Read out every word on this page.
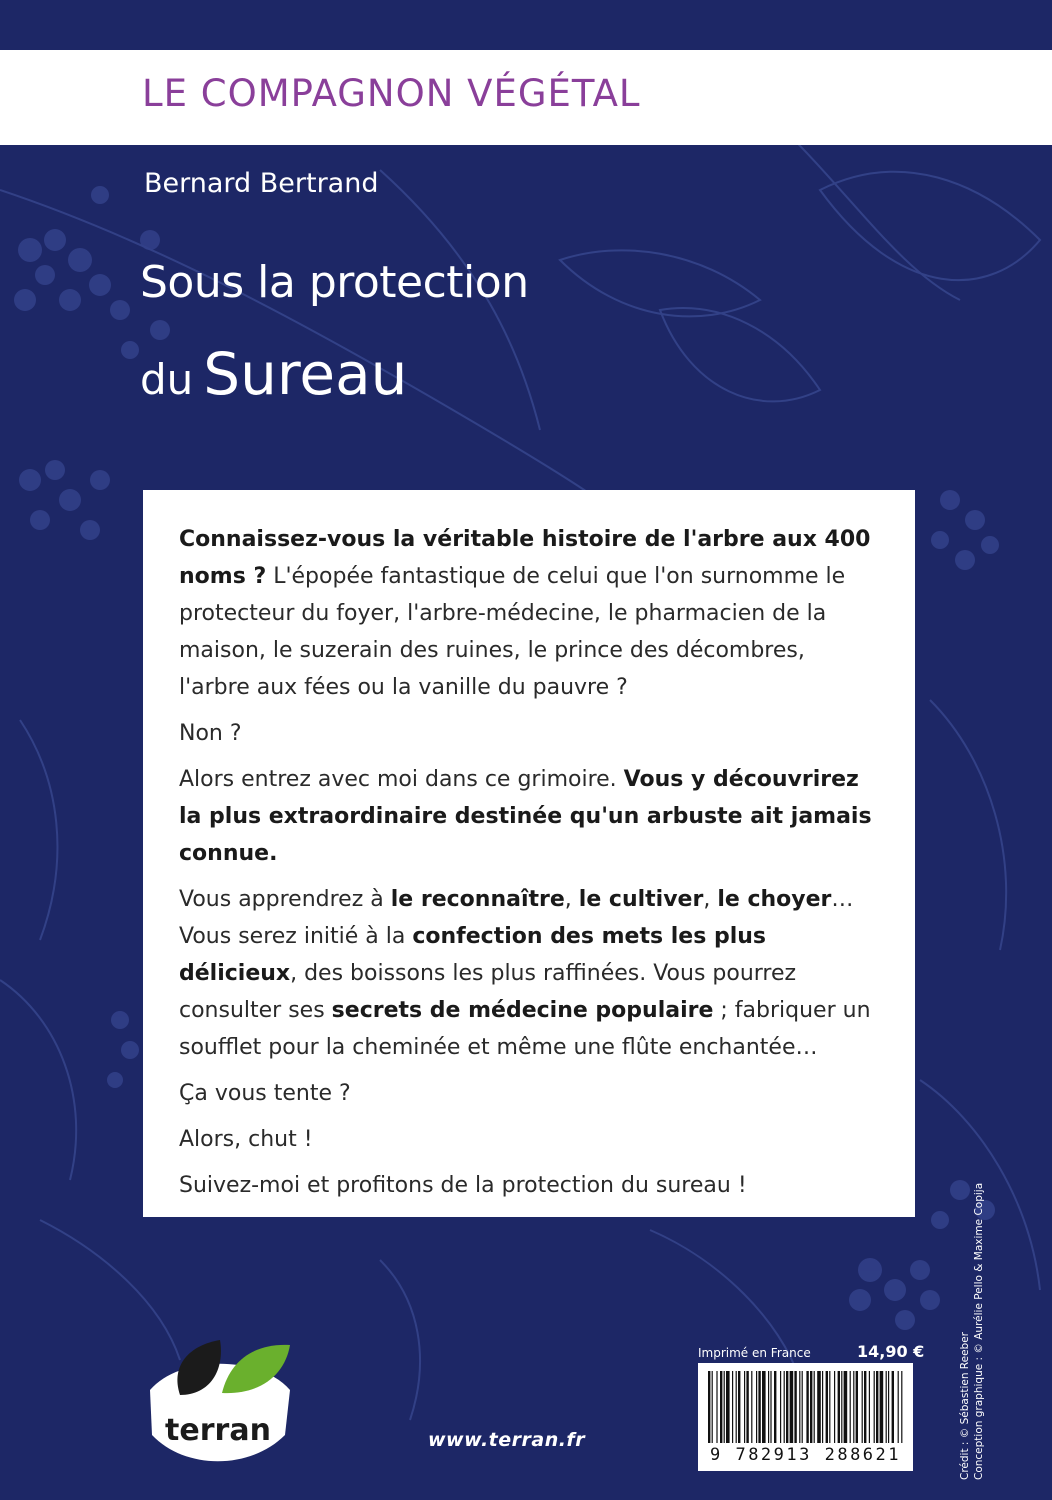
LE COMPAGNON VÉGÉTAL
Bernard Bertrand
Sous la protection
du Sureau

Connaissez-vous la véritable histoire de l'arbre aux 400 noms ? L'épopée fantastique de celui que l'on surnomme le protecteur du foyer, l'arbre-médecine, le pharmacien de la maison, le suzerain des ruines, le prince des décombres, l'arbre aux fées ou la vanille du pauvre ?

Non ?

Alors entrez avec moi dans ce grimoire. Vous y découvrirez la plus extraordinaire destinée qu'un arbuste ait jamais connue.

Vous apprendrez à le reconnaître, le cultiver, le choyer… Vous serez initié à la confection des mets les plus délicieux, des boissons les plus raffinées. Vous pourrez consulter ses secrets de médecine populaire ; fabriquer un soufflet pour la cheminée et même une flûte enchantée…

Ça vous tente ?

Alors, chut !

Suivez-moi et profitons de la protection du sureau !

terran	www.terran.fr
Imprimé en France	14,90 €
9 782913 288621	Crédit : © Sébastien Reeber Conception graphique : © Aurélie Pello & Maxime Copija
